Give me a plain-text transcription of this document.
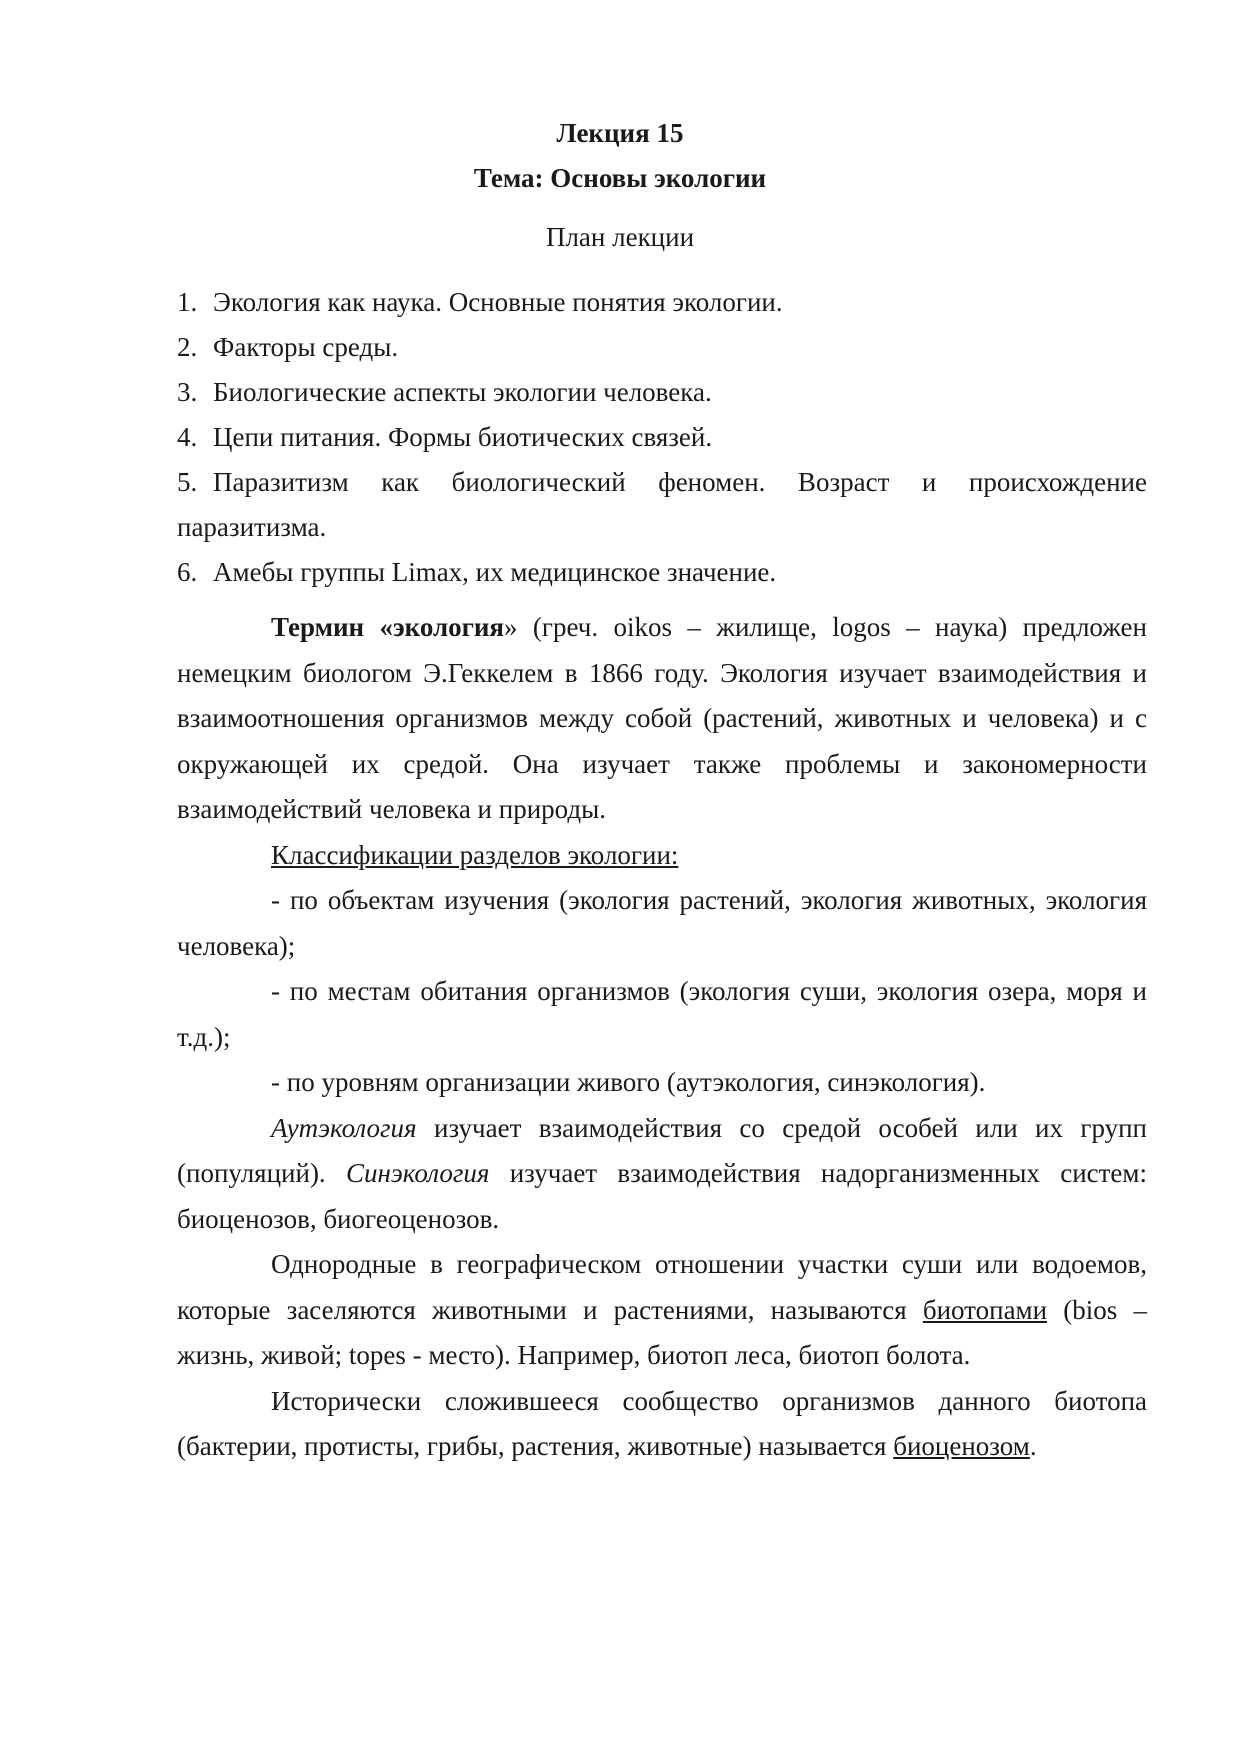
Лекция 15
Тема: Основы экологии
План лекции
1. Экология как наука. Основные понятия экологии.
2. Факторы среды.
3. Биологические аспекты экологии человека.
4. Цепи питания. Формы биотических связей.
5. Паразитизм как биологический феномен. Возраст и происхождение паразитизма.
6. Амебы группы Limax, их медицинское значение.

Термин «экология» (греч. oikos – жилище, logos – наука) предложен немецким биологом Э.Геккелем в 1866 году. Экология изучает взаимодействия и взаимоотношения организмов между собой (растений, животных и человека) и с окружающей их средой. Она изучает также проблемы и закономерности взаимодействий человека и природы.

Классификации разделов экологии:

- по объектам изучения (экология растений, экология животных, экология человека);

- по местам обитания организмов (экология суши, экология озера, моря и т.д.);

- по уровням организации живого (аутэкология, синэкология).

Аутэкология изучает взаимодействия со средой особей или их групп (популяций). Синэкология изучает взаимодействия надорганизменных систем: биоценозов, биогеоценозов.

Однородные в географическом отношении участки суши или водоемов, которые заселяются животными и растениями, называются биотопами (bios – жизнь, живой; topes - место). Например, биотоп леса, биотоп болота.

Исторически сложившееся сообщество организмов данного биотопа (бактерии, протисты, грибы, растения, животные) называется биоценозом.
